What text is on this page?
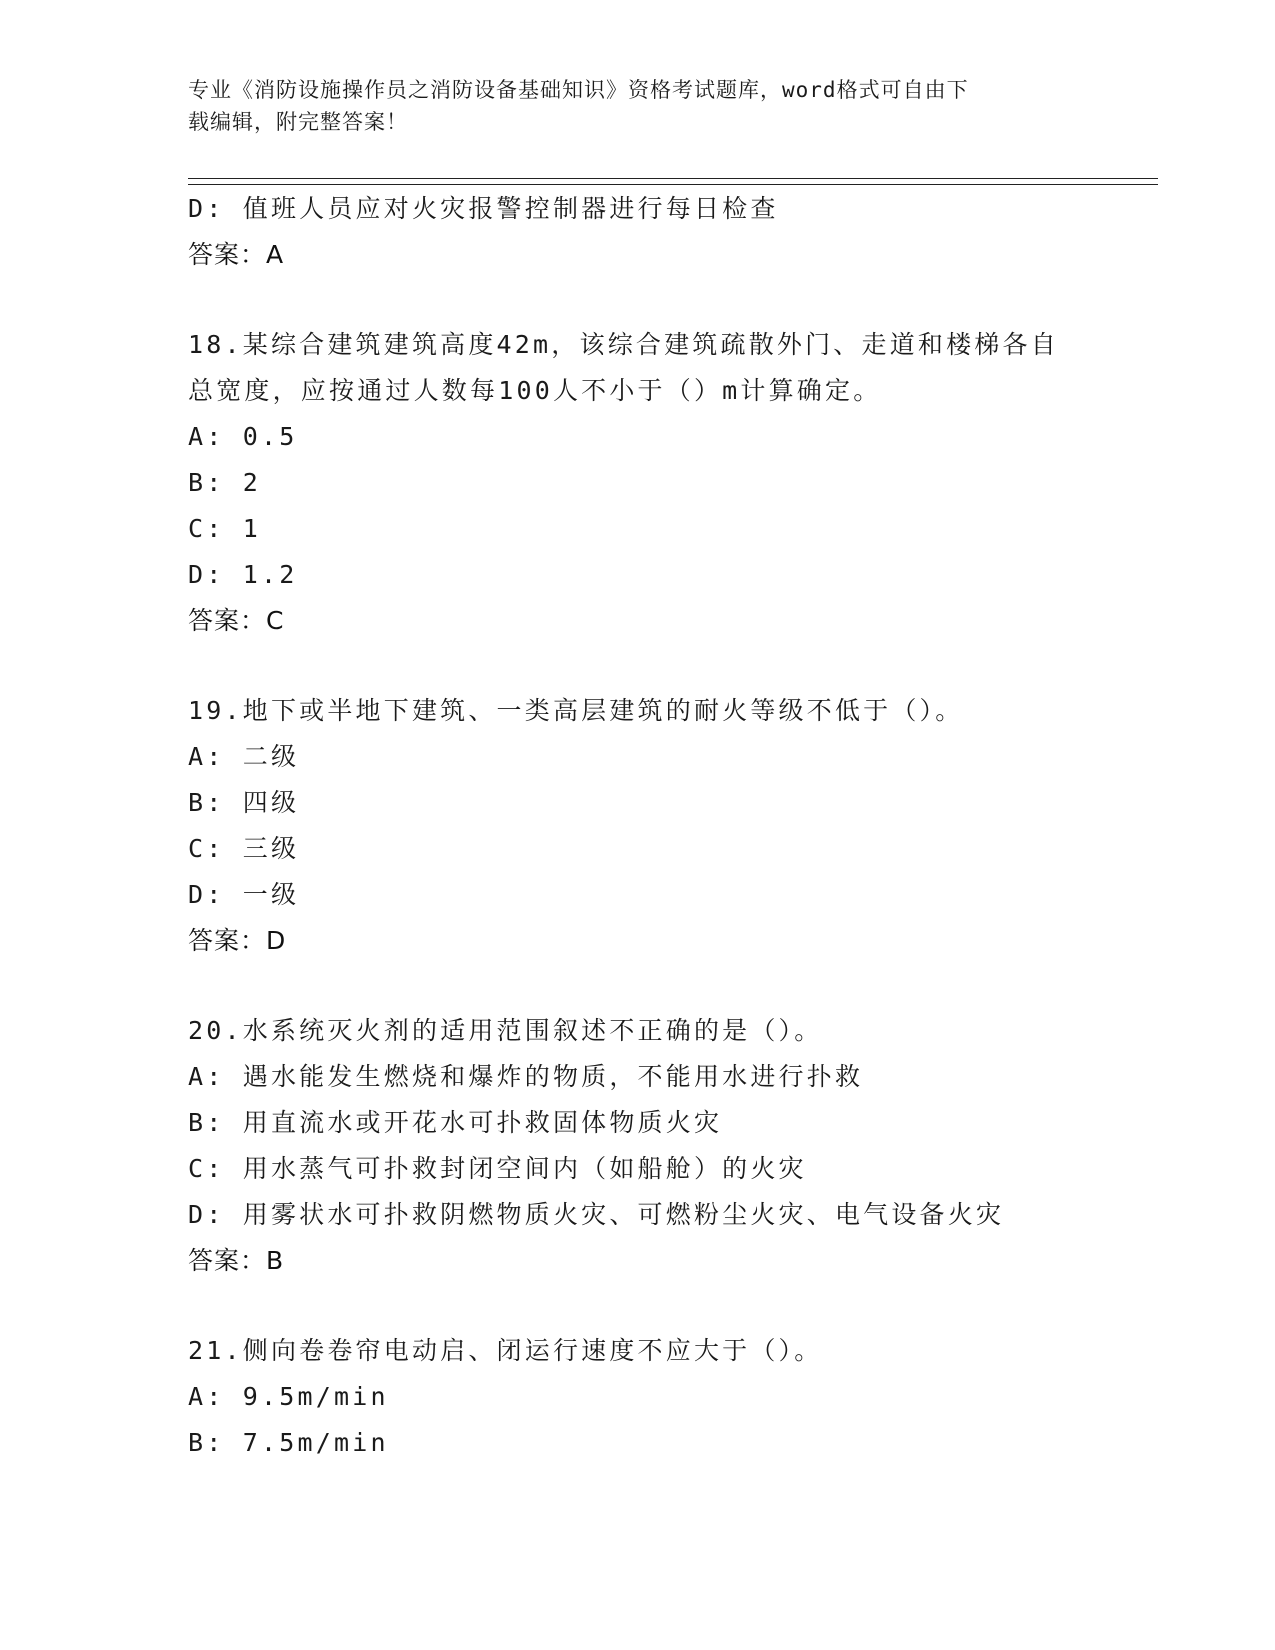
专业《消防设施操作员之消防设备基础知识》资格考试题库，word格式可自由下
载编辑，附完整答案！
D: 值班人员应对火灾报警控制器进行每日检查
答案：A
18.某综合建筑建筑高度42m，该综合建筑疏散外门、走道和楼梯各自
总宽度，应按通过人数每100人不小于（）m计算确定。
A: 0.5
B: 2
C: 1
D: 1.2
答案：C
19.地下或半地下建筑、一类高层建筑的耐火等级不低于（）。
A: 二级
B: 四级
C: 三级
D: 一级
答案：D
20.水系统灭火剂的适用范围叙述不正确的是（）。
A: 遇水能发生燃烧和爆炸的物质，不能用水进行扑救
B: 用直流水或开花水可扑救固体物质火灾
C: 用水蒸气可扑救封闭空间内（如船舱）的火灾
D: 用雾状水可扑救阴燃物质火灾、可燃粉尘火灾、电气设备火灾
答案：B
21.侧向卷卷帘电动启、闭运行速度不应大于（）。
A: 9.5m/min
B: 7.5m/min
